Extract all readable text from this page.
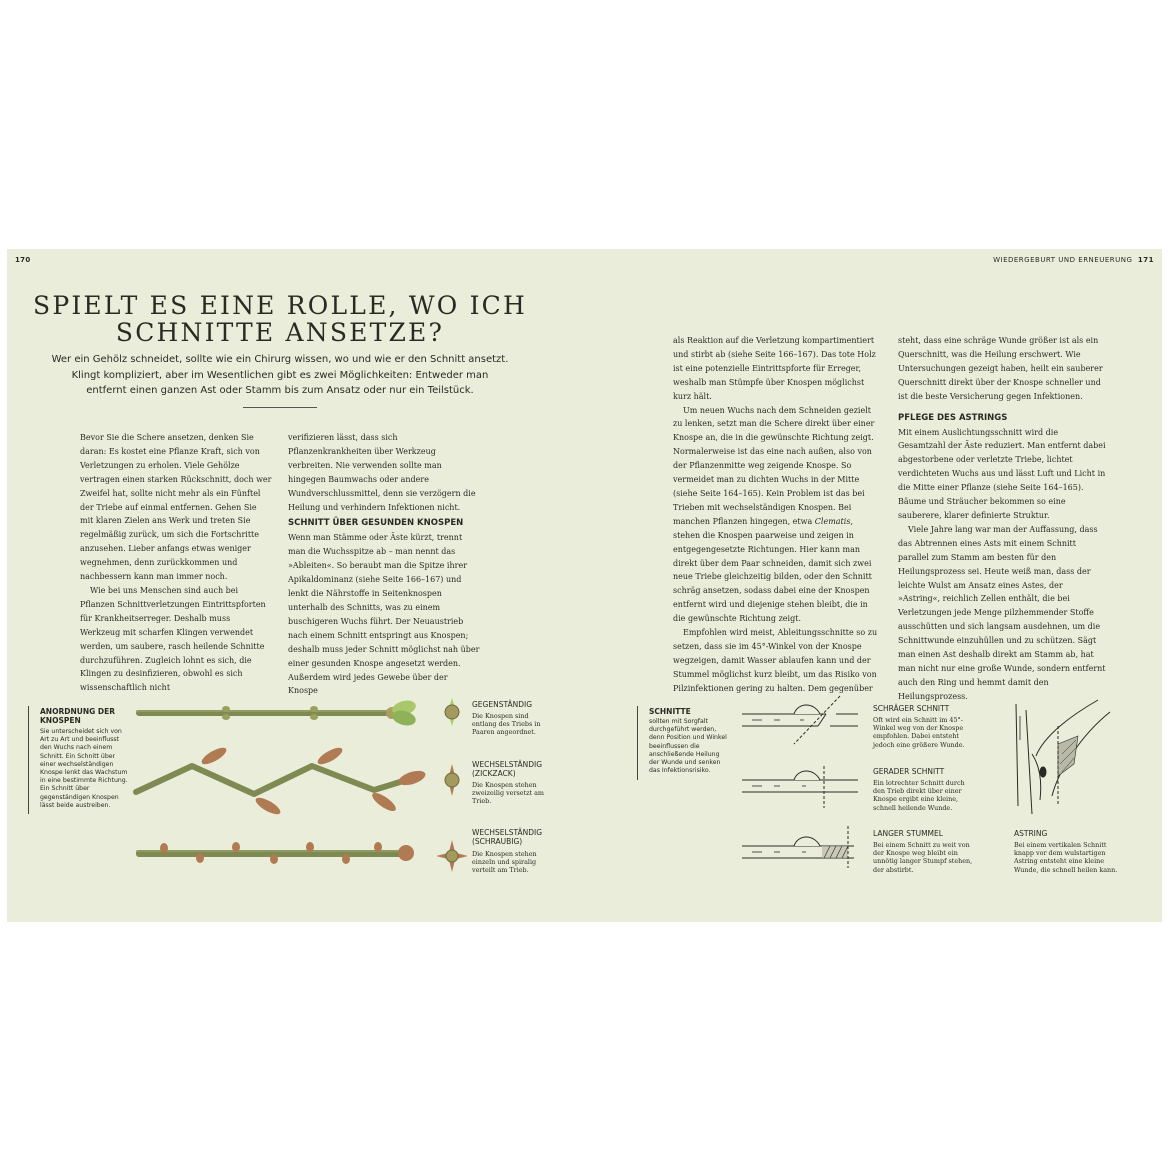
170	WIEDERGEBURT UND ERNEUERUNG 171
SPIELT ES EINE ROLLE, WO ICH
SCHNITTE ANSETZE?
Wer ein Gehölz schneidet, sollte wie ein Chirurg wissen, wo und wie er den Schnitt ansetzt. Klingt kompliziert, aber im Wesentlichen gibt es zwei Möglichkeiten: Entweder man entfernt einen ganzen Ast oder Stamm bis zum Ansatz oder nur ein Teilstück.

Bevor Sie die Schere ansetzen, denken Sie daran: Es kostet eine Pflanze Kraft, sich von Verletzungen zu erholen. Viele Gehölze vertragen einen starken Rückschnitt, doch wer Zweifel hat, sollte nicht mehr als ein Fünftel der Triebe auf einmal entfernen. Gehen Sie mit klaren Zielen ans Werk und treten Sie regelmäßig zurück, um sich die Fortschritte anzusehen. Lieber anfangs etwas weniger wegnehmen, denn zurückkommen und nachbessern kann man immer noch.

Wie bei uns Menschen sind auch bei Pflanzen Schnittverletzungen Eintrittspforten für Krankheitserreger. Deshalb muss Werkzeug mit scharfen Klingen verwendet werden, um saubere, rasch heilende Schnitte durchzuführen. Zugleich lohnt es sich, die Klingen zu desinfizieren, obwohl es sich wissenschaftlich nicht

verifizieren lässt, dass sich Pflanzenkrankheiten über Werkzeug verbreiten. Nie verwenden sollte man hingegen Baumwachs oder andere Wundverschlussmittel, denn sie verzögern die Heilung und verhindern Infektionen nicht.

SCHNITT ÜBER GESUNDEN KNOSPEN

Wenn man Stämme oder Äste kürzt, trennt man die Wuchsspitze ab – man nennt das »Ableiten«. So beraubt man die Spitze ihrer Apikaldominanz (siehe Seite 166–167) und lenkt die Nährstoffe in Seitenknospen unterhalb des Schnitts, was zu einem buschigeren Wuchs führt. Der Neuaustrieb nach einem Schnitt entspringt aus Knospen; deshalb muss jeder Schnitt möglichst nah über einer gesunden Knospe angesetzt werden. Außerdem wird jedes Gewebe über der Knospe

als Reaktion auf die Verletzung kompartimentiert und stirbt ab (siehe Seite 166–167). Das tote Holz ist eine potenzielle Eintrittspforte für Erreger, weshalb man Stümpfe über Knospen möglichst kurz hält.

Um neuen Wuchs nach dem Schneiden gezielt zu lenken, setzt man die Schere direkt über einer Knospe an, die in die gewünschte Richtung zeigt. Normalerweise ist das eine nach außen, also von der Pflanzenmitte weg zeigende Knospe. So vermeidet man zu dichten Wuchs in der Mitte (siehe Seite 164–165). Kein Problem ist das bei Trieben mit wechselständigen Knospen. Bei manchen Pflanzen hingegen, etwa Clematis, stehen die Knospen paarweise und zeigen in entgegengesetzte Richtungen. Hier kann man direkt über dem Paar schneiden, damit sich zwei neue Triebe gleichzeitig bilden, oder den Schnitt schräg ansetzen, sodass dabei eine der Knospen entfernt wird und diejenige stehen bleibt, die in die gewünschte Richtung zeigt.

Empfohlen wird meist, Ableitungsschnitte so zu setzen, dass sie im 45°-Winkel von der Knospe wegzeigen, damit Wasser ablaufen kann und der Stummel möglichst kurz bleibt, um das Risiko von Pilzinfektionen gering zu halten. Dem gegenüber

steht, dass eine schräge Wunde größer ist als ein Querschnitt, was die Heilung erschwert. Wie Untersuchungen gezeigt haben, heilt ein sauberer Querschnitt direkt über der Knospe schneller und ist die beste Versicherung gegen Infektionen.

PFLEGE DES ASTRINGS

Mit einem Auslichtungsschnitt wird die Gesamtzahl der Äste reduziert. Man entfernt dabei abgestorbene oder verletzte Triebe, lichtet verdichteten Wuchs aus und lässt Luft und Licht in die Mitte einer Pflanze (siehe Seite 164–165). Bäume und Sträucher bekommen so eine sauberere, klarer definierte Struktur.

Viele Jahre lang war man der Auffassung, dass das Abtrennen eines Asts mit einem Schnitt parallel zum Stamm am besten für den Heilungsprozess sei. Heute weiß man, dass der leichte Wulst am Ansatz eines Astes, der »Astring«, reichlich Zellen enthält, die bei Verletzungen jede Menge pilzhemmender Stoffe ausschütten und sich langsam ausdehnen, um die Schnittwunde einzuhüllen und zu schützen. Sägt man einen Ast deshalb direkt am Stamm ab, hat man nicht nur eine große Wunde, sondern entfernt auch den Ring und hemmt damit den Heilungsprozess.

ANORDNUNG DER KNOSPEN
Sie unterscheidet sich von Art zu Art und beeinflusst den Wuchs nach einem Schnitt. Ein Schnitt über einer wechselständigen Knospe lenkt das Wachstum in eine bestimmte Richtung. Ein Schnitt über gegenständigen Knospen lässt beide austreiben.
GEGENSTÄNDIG
Die Knospen sind entlang des Triebs in Paaren angeordnet.
WECHSELSTÄNDIG (ZICKZACK)
Die Knospen stehen zweizeilig versetzt am Trieb.
WECHSELSTÄNDIG (SCHRAUBIG)
Die Knospen stehen einzeln und spiralig verteilt am Trieb.
SCHNITTE
sollten mit Sorgfalt durchgeführt werden, denn Position und Winkel beeinflussen die anschließende Heilung der Wunde und senken das Infektionsrisiko.
SCHRÄGER SCHNITT
Oft wird ein Schnitt im 45°-Winkel weg von der Knospe empfohlen. Dabei entsteht jedoch eine größere Wunde.
GERADER SCHNITT
Ein lotrechter Schnitt durch den Trieb direkt über einer Knospe ergibt eine kleine, schnell heilende Wunde.
LANGER STUMMEL
Bei einem Schnitt zu weit von der Knospe weg bleibt ein unnötig langer Stumpf stehen, der abstirbt.
ASTRING
Bei einem vertikalen Schnitt knapp vor dem wulstartigen Astring entsteht eine kleine Wunde, die schnell heilen kann.
